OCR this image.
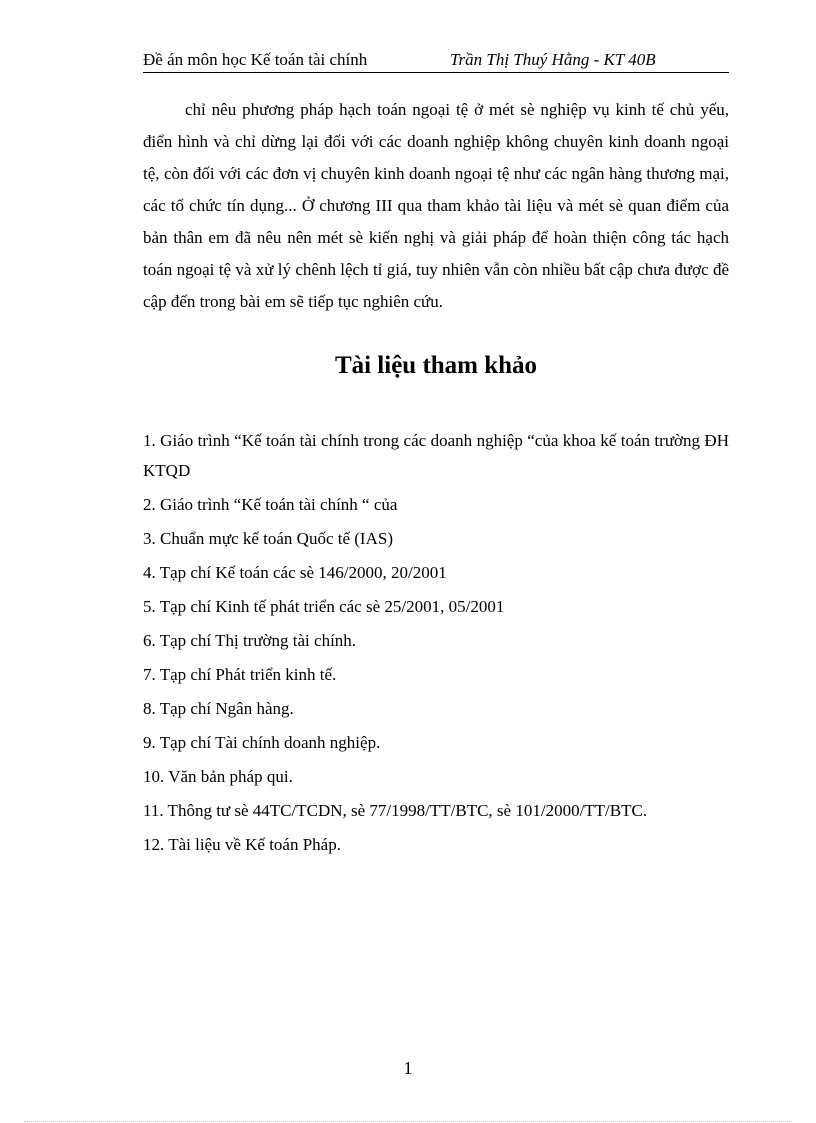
Đề án môn học Kế toán tài chính	Trần Thị Thuý Hằng - KT 40B

chỉ nêu phương pháp hạch toán ngoại tệ ở mét sè nghiệp vụ kinh tế chủ yếu, điển hình và chỉ dừng lại đối với các doanh nghiệp không chuyên kinh doanh ngoại tệ, còn đối với các đơn vị chuyên kinh doanh ngoại tệ như các ngân hàng thương mại, các tổ chức tín dụng... Ở chương III qua tham khảo tài liệu và mét sè quan điểm của bản thân em đã nêu nên mét sè kiến nghị và giải pháp để hoàn thiện công tác hạch toán ngoại tệ và xử lý chênh lệch tỉ giá, tuy nhiên vẫn còn nhiều bất cập chưa được đề cập đến trong bài em sẽ tiếp tục nghiên cứu.

Tài liệu tham khảo
1. Giáo trình “Kế toán tài chính trong các doanh nghiệp “của khoa kế toán trường ĐH KTQD
2. Giáo trình “Kế toán tài chính “ của
3. Chuẩn mực kế toán Quốc tế (IAS)
4. Tạp chí Kế toán các sè 146/2000, 20/2001
5. Tạp chí Kinh tế phát triển các sè 25/2001, 05/2001
6. Tạp chí Thị trường tài chính.
7. Tạp chí Phát triển kinh tế.
8. Tạp chí Ngân hàng.
9. Tạp chí Tài chính doanh nghiệp.
10. Văn bản pháp qui.
11. Thông tư sè 44TC/TCDN, sè 77/1998/TT/BTC, sè 101/2000/TT/BTC.
12. Tài liệu về Kế toán Pháp.
1
